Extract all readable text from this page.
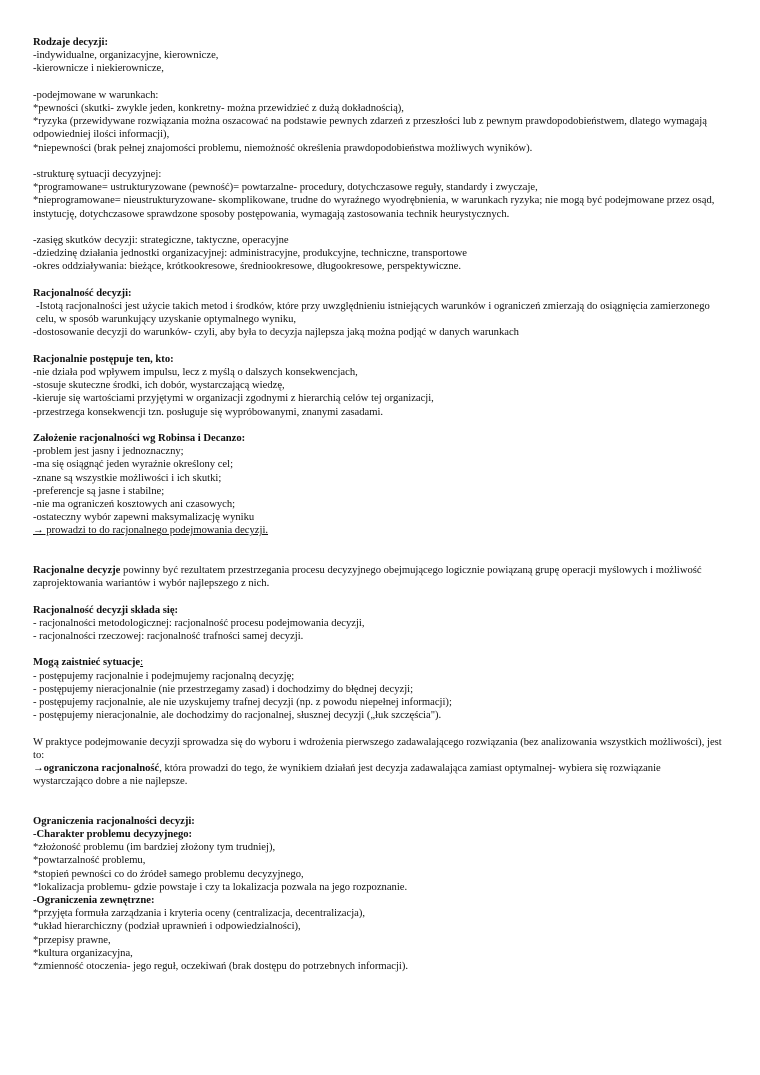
Rodzaje decyzji:
-indywidualne, organizacyjne, kierownicze,
-kierownicze i niekierownicze,
-podejmowane w warunkach:
*pewności (skutki- zwykle jeden, konkretny- można przewidzieć z dużą dokładnością),
*ryzyka (przewidywane rozwiązania można oszacować na podstawie pewnych zdarzeń z przeszłości lub z pewnym prawdopodobieństwem, dlatego wymagają odpowiedniej ilości informacji),
*niepewności (brak pełnej znajomości problemu, niemożność określenia prawdopodobieństwa możliwych wyników).
-strukturę sytuacji decyzyjnej:
*programowane= ustrukturyzowane (pewność)= powtarzalne- procedury, dotychczasowe reguły, standardy i zwyczaje,
*nieprogramowane= nieustrukturyzowane- skomplikowane, trudne do wyraźnego wyodrębnienia, w warunkach ryzyka; nie mogą być podejmowane przez osąd, instytucję, dotychczasowe sprawdzone sposoby postępowania, wymagają zastosowania technik heurystycznych.
-zasięg skutków decyzji: strategiczne, taktyczne, operacyjne
-dziedzinę działania jednostki organizacyjnej: administracyjne, produkcyjne, techniczne, transportowe
-okres oddziaływania: bieżące, krótkookresowe, średniookresowe, długookresowe, perspektywiczne.
Racjonalność decyzji:
-Istotą racjonalności jest użycie takich metod i środków, które przy uwzględnieniu istniejących warunków i ograniczeń zmierzają do osiągnięcia zamierzonego celu, w sposób warunkujący uzyskanie optymalnego wyniku,
-dostosowanie decyzji do warunków- czyli, aby była to decyzja najlepsza jaką można podjąć w danych warunkach
Racjonalnie postępuje ten, kto:
-nie działa pod wpływem impulsu, lecz z myślą o dalszych konsekwencjach,
-stosuje skuteczne środki, ich dobór, wystarczającą wiedzę,
-kieruje się wartościami przyjętymi w organizacji zgodnymi z hierarchią celów tej organizacji,
-przestrzega konsekwencji tzn. posługuje się wypróbowanymi, znanymi zasadami.
Założenie racjonalności wg Robinsa i Decanzo:
-problem jest jasny i jednoznaczny;
-ma się osiągnąć jeden wyraźnie określony cel;
-znane są wszystkie możliwości i ich skutki;
-preferencje są jasne i stabilne;
-nie ma ograniczeń kosztowych ani czasowych;
-ostateczny wybór zapewni maksymalizację wyniku
→ prowadzi to do racjonalnego podejmowania decyzji.
Racjonalne decyzje powinny być rezultatem przestrzegania procesu decyzyjnego obejmującego logicznie powiązaną grupę operacji myślowych i możliwość zaprojektowania wariantów i wybór najlepszego z nich.
Racjonalność decyzji składa się:
- racjonalności metodologicznej: racjonalność procesu podejmowania decyzji,
- racjonalności rzeczowej: racjonalność trafności samej decyzji.
Mogą zaistnieć sytuacje:
- postępujemy racjonalnie i podejmujemy racjonalną decyzję;
- postępujemy nieracjonalnie (nie przestrzegamy zasad) i dochodzimy do błędnej decyzji;
- postępujemy racjonalnie, ale nie uzyskujemy trafnej decyzji (np. z powodu niepełnej informacji);
- postępujemy nieracjonalnie, ale dochodzimy do racjonalnej, słusznej decyzji („łuk szczęścia").
W praktyce podejmowanie decyzji sprowadza się do wyboru i wdrożenia pierwszego zadawalającego rozwiązania (bez analizowania wszystkich możliwości), jest to:
→ograniczona racjonalność, która prowadzi do tego, że wynikiem działań jest decyzja zadawalająca zamiast optymalnej- wybiera się rozwiązanie wystarczająco dobre a nie najlepsze.
Ograniczenia racjonalności decyzji:
-Charakter problemu decyzyjnego:
*złożoność problemu (im bardziej złożony tym trudniej),
*powtarzalność problemu,
*stopień pewności co do źródeł samego problemu decyzyjnego,
*lokalizacja problemu- gdzie powstaje i czy ta lokalizacja pozwala na jego rozpoznanie.
-Ograniczenia zewnętrzne:
*przyjęta formuła zarządzania i kryteria oceny (centralizacja, decentralizacja),
*układ hierarchiczny (podział uprawnień i odpowiedzialności),
*przepisy prawne,
*kultura organizacyjna,
*zmienność otoczenia- jego reguł, oczekiwań (brak dostępu do potrzebnych informacji).
